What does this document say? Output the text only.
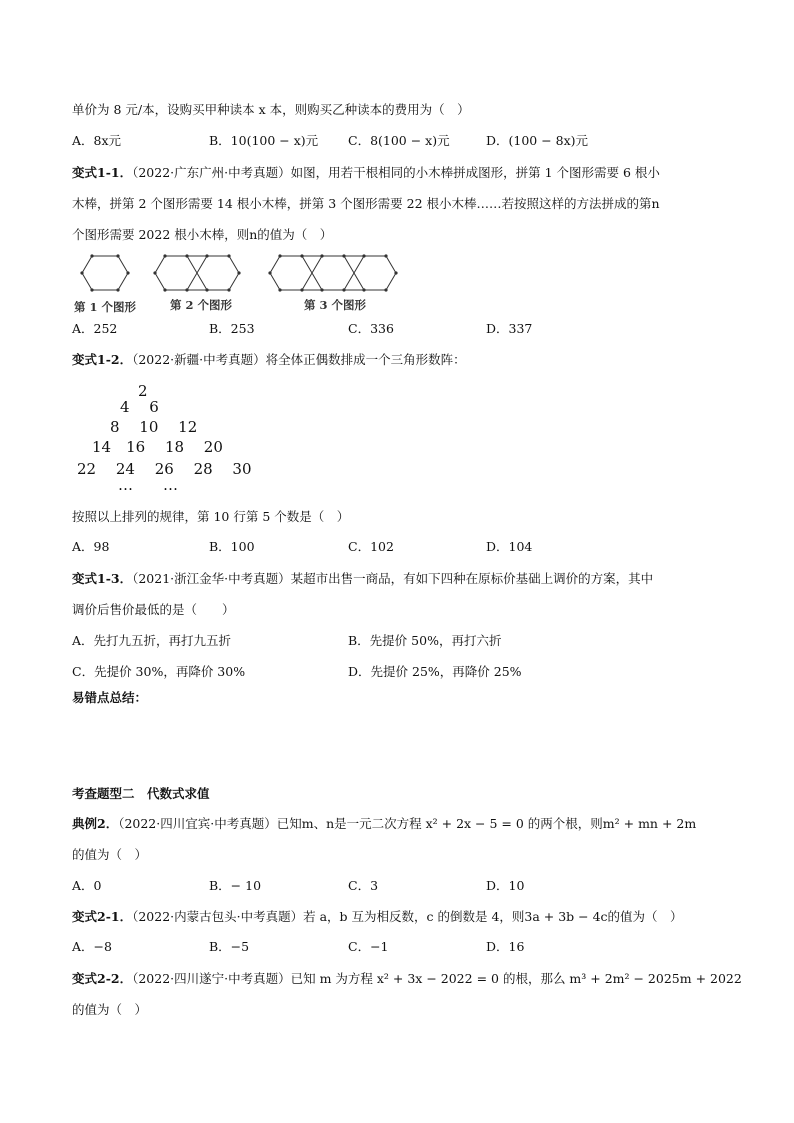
单价为 8 元/本，设购买甲种读本 x 本，则购买乙种读本的费用为（　）
A．8x元	B．10(100 − x)元 C．8(100 − x)元	D．(100 − 8x)元
变式1-1．（2022·广东广州·中考真题）如图，用若干根相同的小木棒拼成图形，拼第 1 个图形需要 6 根小
木棒，拼第 2 个图形需要 14 根小木棒，拼第 3 个图形需要 22 根小木棒……若按照这样的方法拼成的第n
个图形需要 2022 根小木棒，则n的值为（　）
第 1 个图形	第 2 个图形	第 3 个图形
A．252	B．253	C．336	D．337
变式1-2．（2022·新疆·中考真题）将全体正偶数排成一个三角形数阵：
2
4　 6
8　 10　 12
14　16　 18　 20
22　 24　 26　 28　 30
…　　…
按照以上排列的规律，第 10 行第 5 个数是（　）
A．98	B．100	C．102	D．104
变式1-3．（2021·浙江金华·中考真题）某超市出售一商品，有如下四种在原标价基础上调价的方案，其中
调价后售价最低的是（　　）
A．先打九五折，再打九五折	B．先提价 50%，再打六折
C．先提价 30%，再降价 30%	D．先提价 25%，再降价 25%
易错点总结：
考查题型二　代数式求值
典例2．（2022·四川宜宾·中考真题）已知m、n是一元二次方程 x² + 2x − 5 = 0 的两个根，则m² + mn + 2m
的值为（　）
A．0	B．− 10	C．3	D．10
变式2-1．（2022·内蒙古包头·中考真题）若 a，b 互为相反数，c 的倒数是 4，则3a + 3b − 4c的值为（　）
A．−8	B．−5	C．−1	D．16
变式2-2．（2022·四川遂宁·中考真题）已知 m 为方程 x² + 3x − 2022 = 0 的根，那么 m³ + 2m² − 2025m + 2022
的值为（　）
